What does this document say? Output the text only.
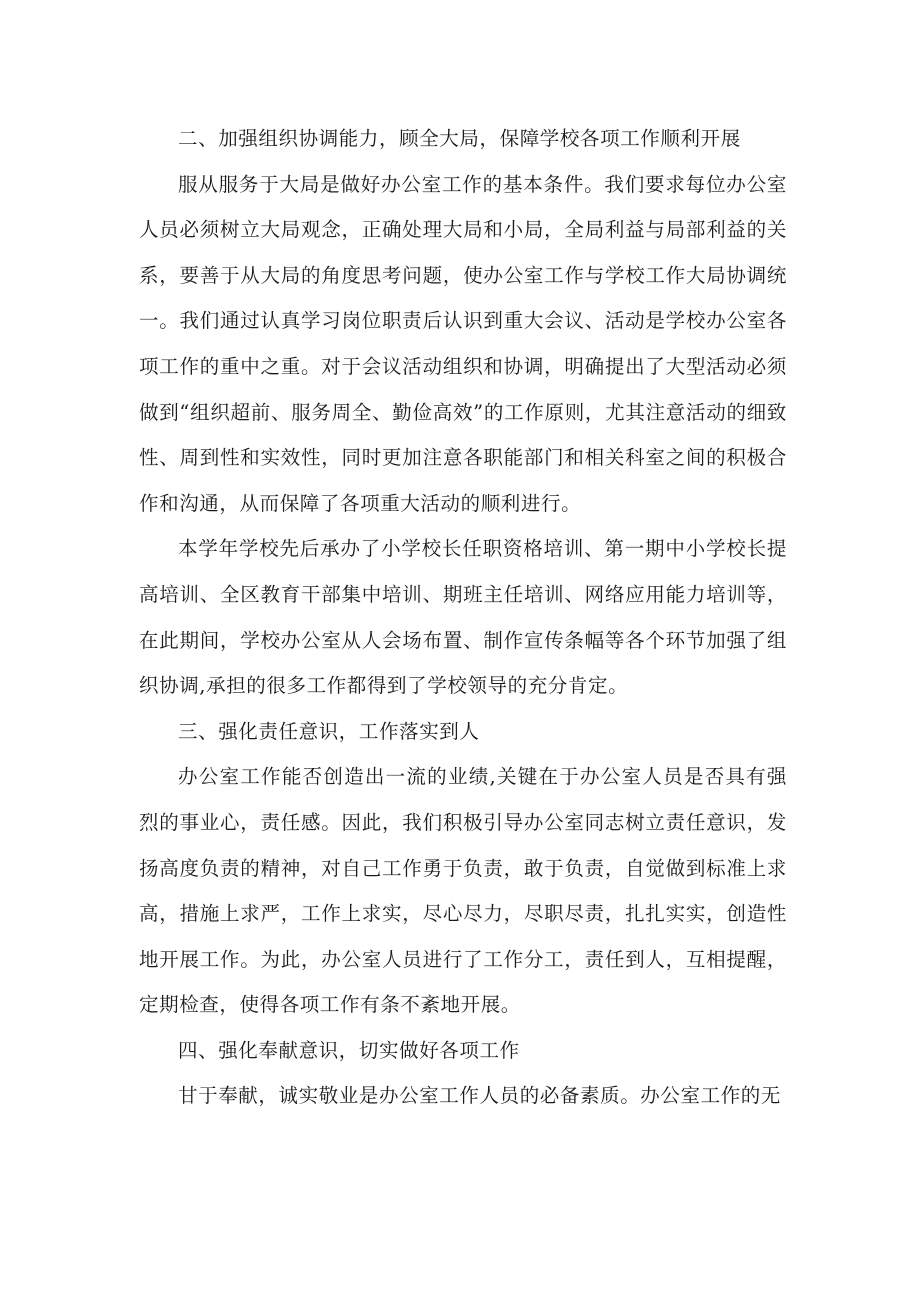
二、加强组织协调能力，顾全大局，保障学校各项工作顺利开展

服从服务于大局是做好办公室工作的基本条件。我们要求每位办公室人员必须树立大局观念，正确处理大局和小局，全局利益与局部利益的关系，要善于从大局的角度思考问题，使办公室工作与学校工作大局协调统一。我们通过认真学习岗位职责后认识到重大会议、活动是学校办公室各项工作的重中之重。对于会议活动组织和协调，明确提出了大型活动必须做到“组织超前、服务周全、勤俭高效”的工作原则，尤其注意活动的细致性、周到性和实效性，同时更加注意各职能部门和相关科室之间的积极合作和沟通，从而保障了各项重大活动的顺利进行。

本学年学校先后承办了小学校长任职资格培训、第一期中小学校长提高培训、全区教育干部集中培训、期班主任培训、网络应用能力培训等，在此期间，学校办公室从人会场布置、制作宣传条幅等各个环节加强了组织协调,承担的很多工作都得到了学校领导的充分肯定。

三、强化责任意识，工作落实到人

办公室工作能否创造出一流的业绩,关键在于办公室人员是否具有强烈的事业心，责任感。因此，我们积极引导办公室同志树立责任意识，发扬高度负责的精神，对自己工作勇于负责，敢于负责，自觉做到标准上求高，措施上求严，工作上求实，尽心尽力，尽职尽责，扎扎实实，创造性地开展工作。为此，办公室人员进行了工作分工，责任到人，互相提醒，定期检查，使得各项工作有条不紊地开展。

四、强化奉献意识，切实做好各项工作

甘于奉献，诚实敬业是办公室工作人员的必备素质。办公室工作的无
